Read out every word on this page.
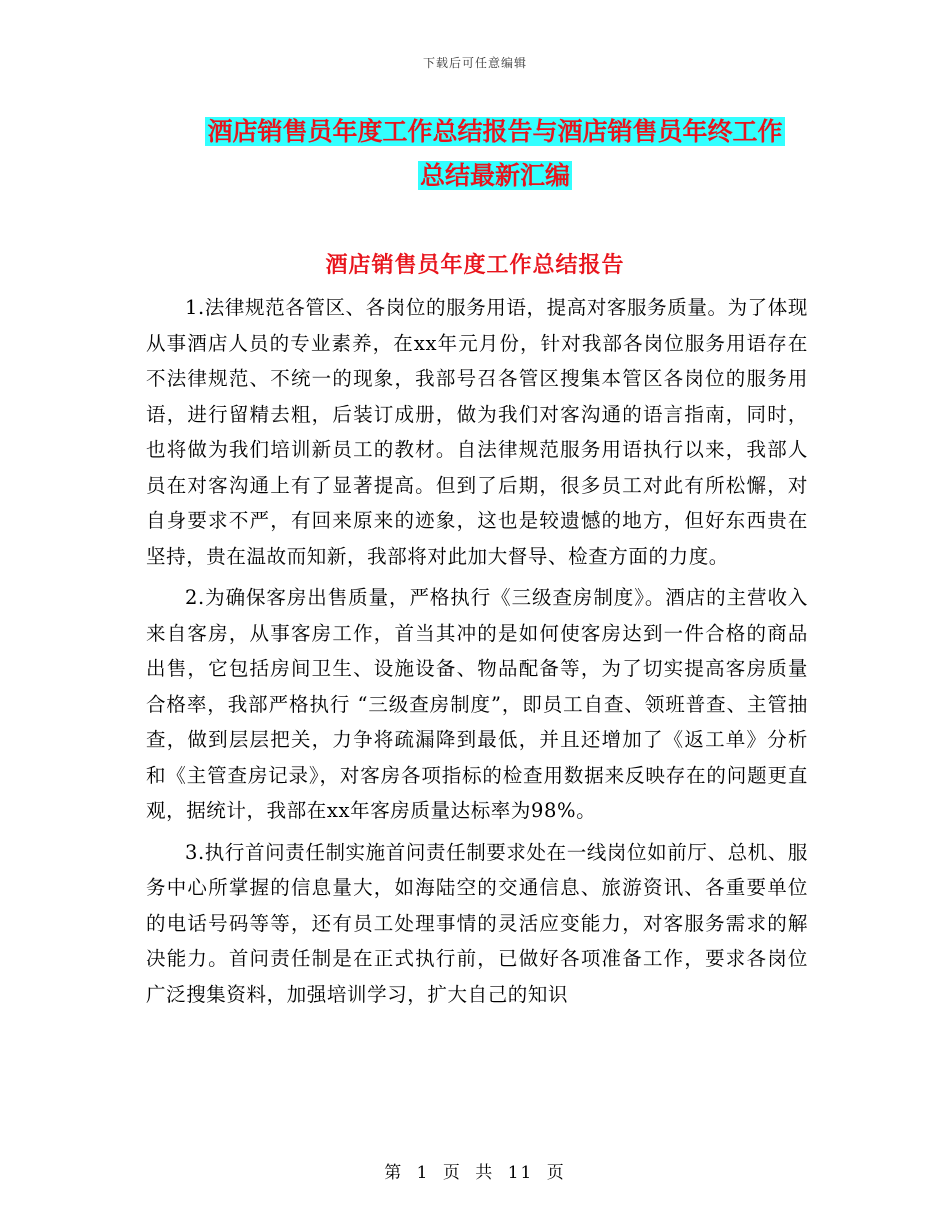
下载后可任意编辑
酒店销售员年度工作总结报告与酒店销售员年终工作
总结最新汇编
酒店销售员年度工作总结报告

1.法律规范各管区、各岗位的服务用语，提高对客服务质量。为了体现从事酒店人员的专业素养，在xx年元月份，针对我部各岗位服务用语存在不法律规范、不统一的现象，我部号召各管区搜集本管区各岗位的服务用语，进行留精去粗，后装订成册，做为我们对客沟通的语言指南，同时，也将做为我们培训新员工的教材。自法律规范服务用语执行以来，我部人员在对客沟通上有了显著提高。但到了后期，很多员工对此有所松懈，对自身要求不严，有回来原来的迹象，这也是较遗憾的地方，但好东西贵在坚持，贵在温故而知新，我部将对此加大督导、检查方面的力度。

2.为确保客房出售质量，严格执行《三级查房制度》。酒店的主营收入来自客房，从事客房工作，首当其冲的是如何使客房达到一件合格的商品出售，它包括房间卫生、设施设备、物品配备等，为了切实提高客房质量合格率，我部严格执行 “三级查房制度”，即员工自查、领班普查、主管抽查，做到层层把关，力争将疏漏降到最低，并且还增加了《返工单》分析和《主管查房记录》，对客房各项指标的检查用数据来反映存在的问题更直观，据统计，我部在xx年客房质量达标率为98%。

3.执行首问责任制实施首问责任制要求处在一线岗位如前厅、总机、服务中心所掌握的信息量大，如海陆空的交通信息、旅游资讯、各重要单位的电话号码等等，还有员工处理事情的灵活应变能力，对客服务需求的解决能力。首问责任制是在正式执行前，已做好各项准备工作，要求各岗位广泛搜集资料，加强培训学习，扩大自己的知识

第 1 页 共 11 页
